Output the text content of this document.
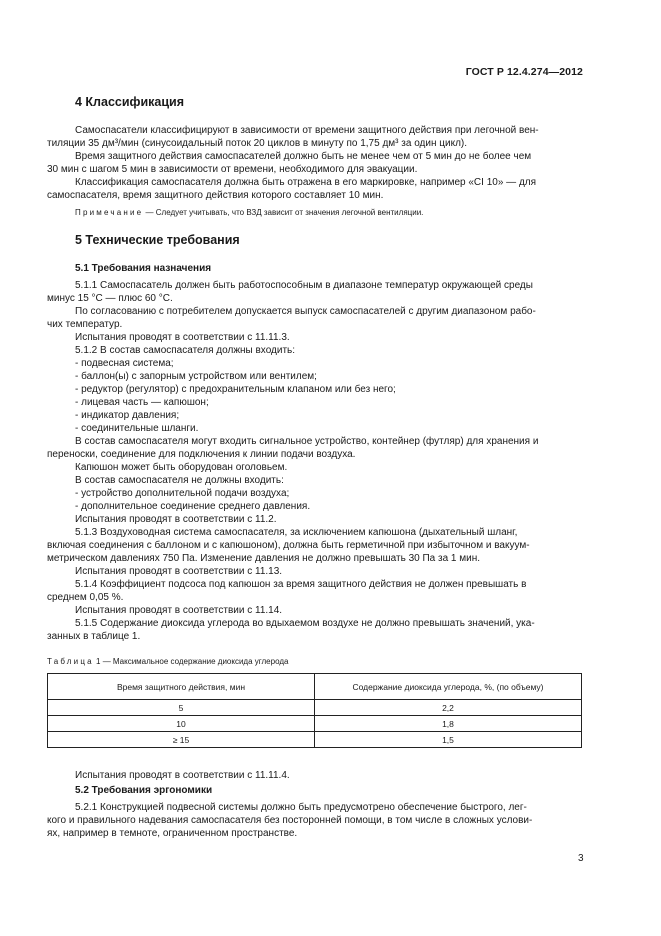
ГОСТ Р 12.4.274—2012
4 Классификация
Самоспасатели классифицируют в зависимости от времени защитного действия при легочной вен-
тиляции 35 дм³/мин (синусоидальный поток 20 циклов в минуту по 1,75 дм³ за один цикл).
Время защитного действия самоспасателей должно быть не менее чем от 5 мин до не более чем
30 мин с шагом 5 мин в зависимости от времени, необходимого для эвакуации.
Классификация самоспасателя должна быть отражена в его маркировке, например «CI 10» — для
самоспасателя, время защитного действия которого составляет 10 мин.
Примечание — Следует учитывать, что ВЗД зависит от значения легочной вентиляции.
5 Технические требования
5.1 Требования назначения
5.1.1 Самоспасатель должен быть работоспособным в диапазоне температур окружающей среды
минус 15 °С — плюс 60 °С.
По согласованию с потребителем допускается выпуск самоспасателей с другим диапазоном рабо-
чих температур.
Испытания проводят в соответствии с 11.11.3.
5.1.2 В состав самоспасателя должны входить:
- подвесная система;
- баллон(ы) с запорным устройством или вентилем;
- редуктор (регулятор) с предохранительным клапаном или без него;
- лицевая часть — капюшон;
- индикатор давления;
- соединительные шланги.
В состав самоспасателя могут входить сигнальное устройство, контейнер (футляр) для хранения и
переноски, соединение для подключения к линии подачи воздуха.
Капюшон может быть оборудован оголовьем.
В состав самоспасателя не должны входить:
- устройство дополнительной подачи воздуха;
- дополнительное соединение среднего давления.
Испытания проводят в соответствии с 11.2.
5.1.3 Воздуховодная система самоспасателя, за исключением капюшона (дыхательный шланг,
включая соединения с баллоном и с капюшоном), должна быть герметичной при избыточном и вакуум-
метрическом давлениях 750 Па. Изменение давления не должно превышать 30 Па за 1 мин.
Испытания проводят в соответствии с 11.13.
5.1.4 Коэффициент подсоса под капюшон за время защитного действия не должен превышать в
среднем 0,05 %.
Испытания проводят в соответствии с 11.14.
5.1.5 Содержание диоксида углерода во вдыхаемом воздухе не должно превышать значений, ука-
занных в таблице 1.
Таблица 1 — Максимальное содержание диоксида углерода
Время защитного действия, мин	Содержание диоксида углерода, %, (по объему)
5	2,2
10	1,8
≥ 15	1,5
Испытания проводят в соответствии с 11.11.4.
5.2 Требования эргономики
5.2.1 Конструкцией подвесной системы должно быть предусмотрено обеспечение быстрого, лег-
кого и правильного надевания самоспасателя без посторонней помощи, в том числе в сложных услови-
ях, например в темноте, ограниченном пространстве.
3
